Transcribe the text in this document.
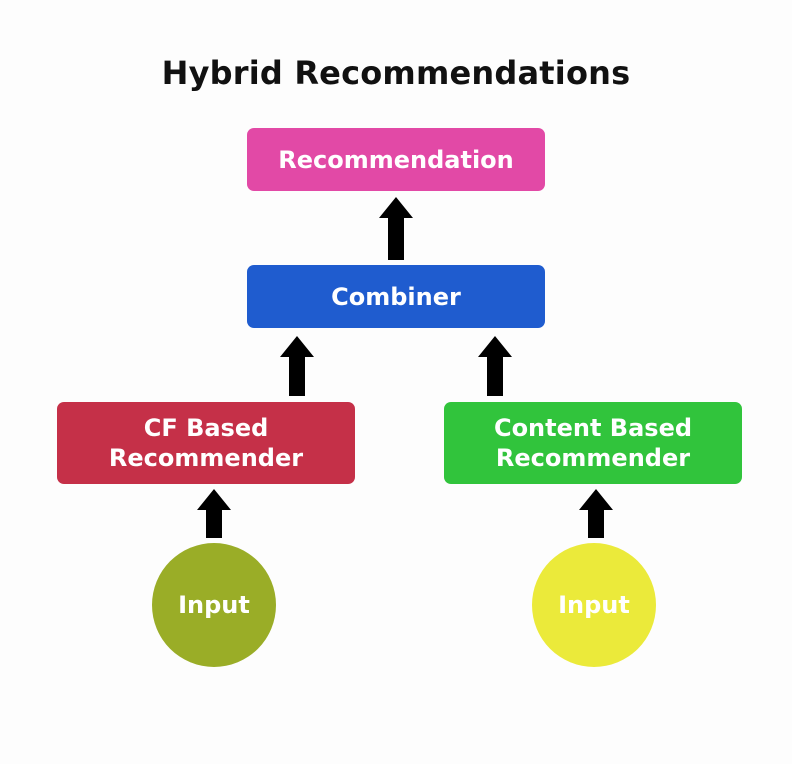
Hybrid Recommendations
Recommendation
Combiner
CF Based
Recommender
Content Based
Recommender
Input	Input
